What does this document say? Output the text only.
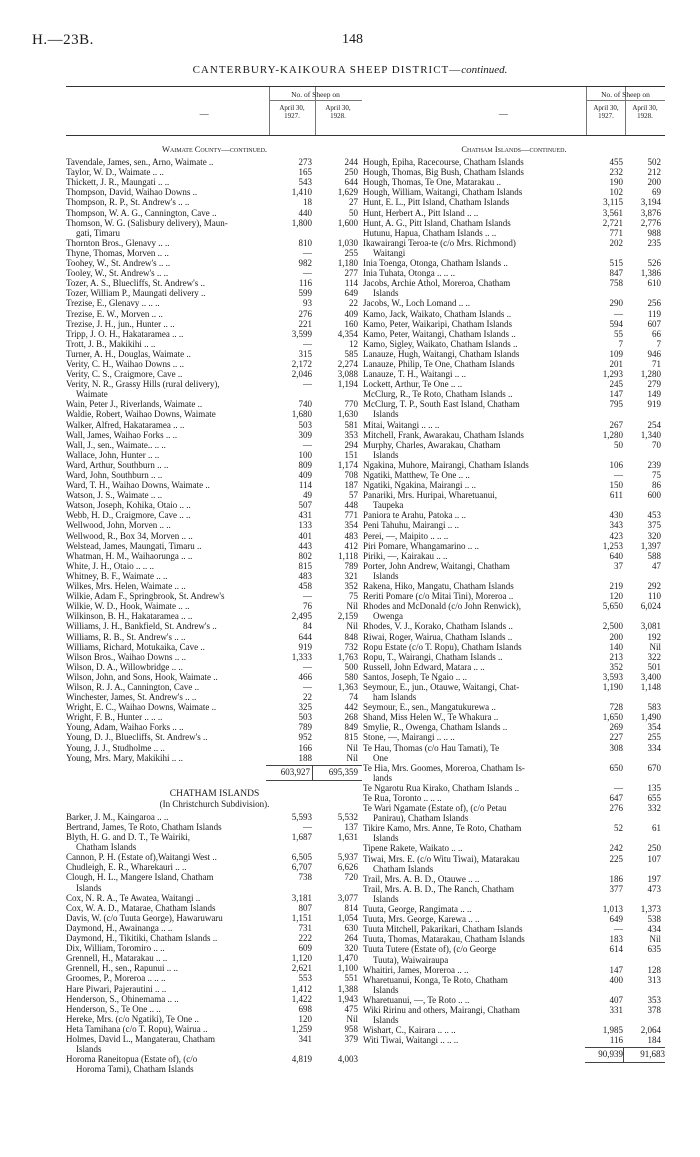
H.—23B.	148
CANTERBURY-KAIKOURA SHEEP DISTRICT—continued.
—
No. of Sheep on
April 30, 1927.
April 30, 1928.
Waimate County—continued.
Tavendale, James, sen., Arno, Waimate ..	273	244
Taylor, W. D., Waimate .. ..	165	250
Thickett, J. R., Maungati .. ..	543	644
Thompson, David, Waihao Downs ..	1,410	1,629
Thompson, R. P., St. Andrew's .. ..	18	27
Thompson, W. A. G., Cannington, Cave ..	440	50
Thomson, W. G. (Salisbury delivery), Maun-
gati, Timaru
1,800	1,600
Thornton Bros., Glenavy .. ..	810	1,030
Thyne, Thomas, Morven .. ..	—	255
Toohey, W., St. Andrew's .. ..	982	1,180
Tooley, W., St. Andrew's .. ..	—	277
Tozer, A. S., Bluecliffs, St. Andrew's ..	116	114
Tozer, William P., Maungati delivery ..	599	649
Trezise, E., Glenavy .. .. ..	93	22
Trezise, E. W., Morven .. ..	276	409
Trezise, J. H., jun., Hunter .. ..	221	160
Tripp, J. O. H., Hakataramea .. ..	3,599	4,354
Trott, J. B., Makikihi .. ..	—	12
Turner, A. H., Douglas, Waimate ..	315	585
Verity, C. H., Waihao Downs .. ..	2,172	2,274
Verity, C. S., Craigmore, Cave ..	2,046	3,088
Verity, N. R., Grassy Hills (rural delivery),
Waimate
—	1,194
Wain, Peter J., Riverlands, Waimate ..	740	770
Waldie, Robert, Waihao Downs, Waimate	1,680	1,630
Walker, Alfred, Hakataramea .. ..	503	581
Wall, James, Waihao Forks .. ..	309	353
Wall, J., sen., Waimate.. .. ..	—	294
Wallace, John, Hunter .. ..	100	151
Ward, Arthur, Southburn .. ..	809	1,174
Ward, John, Southburn .. ..	409	708
Ward, T. H., Waihao Downs, Waimate ..	114	187
Watson, J. S., Waimate .. ..	49	57
Watson, Joseph, Kohika, Otaio .. ..	507	448
Webb, H. D., Craigmore, Cave .. ..	431	771
Wellwood, John, Morven .. ..	133	354
Wellwood, R., Box 34, Morven .. ..	401	483
Welstead, James, Maungati, Timaru ..	443	412
Whatman, H. M., Waihaorunga .. ..	802	1,118
White, J. H., Otaio .. .. ..	815	789
Whitney, B. F., Waimate .. ..	483	321
Wilkes, Mrs. Helen, Waimate .. ..	458	352
Wilkie, Adam F., Springbrook, St. Andrew's	—	75
Wilkie, W. D., Hook, Waimate .. ..	76	Nil
Wilkinson, B. H., Hakataramea .. ..	2,495	2,159
Williams, J. H., Bankfield, St. Andrew's ..	84	Nil
Williams, R. B., St. Andrew's .. ..	644	848
Williams, Richard, Motukaika, Cave ..	919	732
Wilson Bros., Waihao Downs .. ..	1,333	1,763
Wilson, D. A., Willowbridge .. ..	—	500
Wilson, John, and Sons, Hook, Waimate ..	466	580
Wilson, R. J. A., Cannington, Cave ..	—	1,363
Winchester, James, St. Andrew's .. ..	22	74
Wright, E. C., Waihao Downs, Waimate ..	325	442
Wright, F. B., Hunter .. .. ..	503	268
Young, Adam, Waihao Forks .. ..	789	849
Young, D. J., Bluecliffs, St. Andrew's ..	952	815
Young, J. J., Studholme .. ..	166	Nil
Young, Mrs. Mary, Makikihi .. ..	188	Nil
603,927	695,359
CHATHAM ISLANDS
(In Christchurch Subdivision).
Barker, J. M., Kaingaroa .. ..	5,593	5,532
Bertrand, James, Te Roto, Chatham Islands	—	137
Blyth, H. G. and D. T., Te Wairiki,
Chatham Islands
1,687	1,631
Cannon, P. H. (Estate of),Waitangi West ..	6,505	5,937
Chudleigh, E. R., Wharekauri .. ..	6,707	6,626
Clough, H. L., Mangere Island, Chatham
Islands
738	720
Cox, N. R. A., Te Awatea, Waitangi ..	3,181	3,077
Cox, W. A. D., Matarae, Chatham Islands	807	814
Davis, W. (c/o Tuuta George), Hawaruwaru	1,151	1,054
Daymond, H., Awainanga .. ..	731	630
Daymond, H., Tikitiki, Chatham Islands ..	222	264
Dix, William, Toromiro .. ..	609	320
Grennell, H., Matarakau .. ..	1,120	1,470
Grennell, H., sen., Rapunui .. ..	2,621	1,100
Groomes, P., Moreroa .. .. ..	553	551
Hare Piwari, Pajerautini .. ..	1,412	1,388
Henderson, S., Ohinemama .. ..	1,422	1,943
Henderson, S., Te One .. ..	698	475
Hereke, Mrs. (c/o Ngatiki), Te One ..	120	Nil
Heta Tamihana (c/o T. Ropu), Wairua ..	1,259	958
Holmes, David L., Mangaterau, Chatham
Islands
341	379
Horoma Raneitopua (Estate of), (c/o
Horoma Tami), Chatham Islands
4,819	4,003
—
No. of Sheep on
April 30, 1927.
April 30, 1928.
Chatham Islands—continued.
Hough, Epiha, Racecourse, Chatham Islands	455	502
Hough, Thomas, Big Bush, Chatham Islands	232	212
Hough, Thomas, Te One, Matarakau ..	190	200
Hough, William, Waitangi, Chatham Islands	102	69
Hunt, E. L., Pitt Island, Chatham Islands	3,115	3,194
Hunt, Herbert A., Pitt Island .. ..	3,561	3,876
Hunt, A. G., Pitt Island, Chatham Islands	2,721	2,776
Hutunu, Hapua, Chatham Islands .. ..	771	988
Ikawairangi Teroa-te (c/o Mrs. Richmond)
Waitangi
202	235
Inia Toenga, Otonga, Chatham Islands ..	515	526
Inia Tuhata, Otonga .. .. ..	847	1,386
Jacobs, Archie Athol, Moreroa, Chatham
Islands
758	610
Jacobs, W., Loch Lomand .. ..	290	256
Kamo, Jack, Waikato, Chatham Islands ..	—	119
Kamo, Peter, Waikaripi, Chatham Islands	594	607
Kamo, Peter, Waitangi, Chatham Islands ..	55	66
Kamo, Sigley, Waikato, Chatham Islands ..	7	7
Lanauze, Hugh, Waitangi, Chatham Islands	109	946
Lanauze, Philip, Te One, Chatham Islands	201	71
Lanauze, T. H., Waitangi .. ..	1,293	1,280
Lockett, Arthur, Te One .. ..	245	279
McClurg, R., Te Roto, Chatham Islands ..	147	149
McClurg, T. P., South East Island, Chatham
Islands
795	919
Mitai, Waitangi .. .. ..	267	254
Mitchell, Frank, Awarakau, Chatham Islands	1,280	1,340
Murphy, Charles, Awarakau, Chatham
Islands
50	70
Ngakina, Muhore, Mairangi, Chatham Islands	106	239
Ngatiki, Matthew, Te One .. ..	—	75
Ngatiki, Ngakina, Mairangi .. ..	150	86
Panariki, Mrs. Huripai, Wharetuanui,
Taupeka
611	600
Paniora te Arahu, Patoka .. ..	430	453
Peni Tahuhu, Mairangi .. ..	343	375
Perei, —, Maipito .. .. ..	423	320
Piri Pomare, Whangamarino .. ..	1,253	1,397
Piriki, —, Kairakau .. ..	640	588
Porter, John Andrew, Waitangi, Chatham
Islands
37	47
Rakena, Hiko, Mangatu, Chatham Islands	219	292
Reriti Pomare (c/o Mitai Tini), Moreroa ..	120	110
Rhodes and McDonald (c/o John Renwick),
Owenga
5,650	6,024
Rhodes, V. J., Korako, Chatham Islands ..	2,500	3,081
Riwai, Roger, Wairua, Chatham Islands ..	200	192
Ropu Estate (c/o T. Ropu), Chatham Islands	140	Nil
Ropu, T., Wairangi, Chatham Islands ..	213	322
Russell, John Edward, Matara .. ..	352	501
Santos, Joseph, Te Ngaio .. ..	3,593	3,400
Seymour, E., jun., Otauwe, Waitangi, Chat-
ham Islands
1,190	1,148
Seymour, E., sen., Mangatukurewa ..	728	583
Shand, Miss Helen W., Te Whakura ..	1,650	1,490
Smylie, R., Owenga, Chatham Islands ..	269	354
Stone, —, Mairangi .. .. ..	227	255
Te Hau, Thomas (c/o Hau Tamati), Te
One
308	334
Te Hia, Mrs. Goomes, Moreroa, Chatham Is-
lands
650	670
Te Ngarotu Rua Kirako, Chatham Islands ..	—	135
Te Rua, Toronto .. .. ..	647	655
Te Wari Ngamate (Estate of), (c/o Petau
Panirau), Chatham Islands
276	332
Tikire Kamo, Mrs. Anne, Te Roto, Chatham
Islands
52	61
Tipene Rakete, Waikato .. ..	242	250
Tiwai, Mrs. E. (c/o Witu Tiwai), Matarakau
Chatham Islands
225	107
Trail, Mrs. A. B. D., Otauwe .. ..	186	197
Trail, Mrs. A. B. D., The Ranch, Chatham
Islands
377	473
Tuuta, George, Rangimata .. ..	1,013	1,373
Tuuta, Mrs. George, Karewa .. ..	649	538
Tuuta Mitchell, Pakarikari, Chatham Islands	—	434
Tuuta, Thomas, Matarakau, Chatham Islands	183	Nil
Tuuta Tutere (Estate of), (c/o George
Tuuta), Waiwairaupa
614	635
Whaitiri, James, Moreroa .. ..	147	128
Wharetuanui, Konga, Te Roto, Chatham
Islands
400	313
Wharetuanui, —, Te Roto .. ..	407	353
Wiki Ririnu and others, Mairangi, Chatham
Islands
331	378
Wishart, C., Kairara .. .. ..	1,985	2,064
Witi Tiwai, Waitangi .. .. ..	116	184
90,939	91,683
